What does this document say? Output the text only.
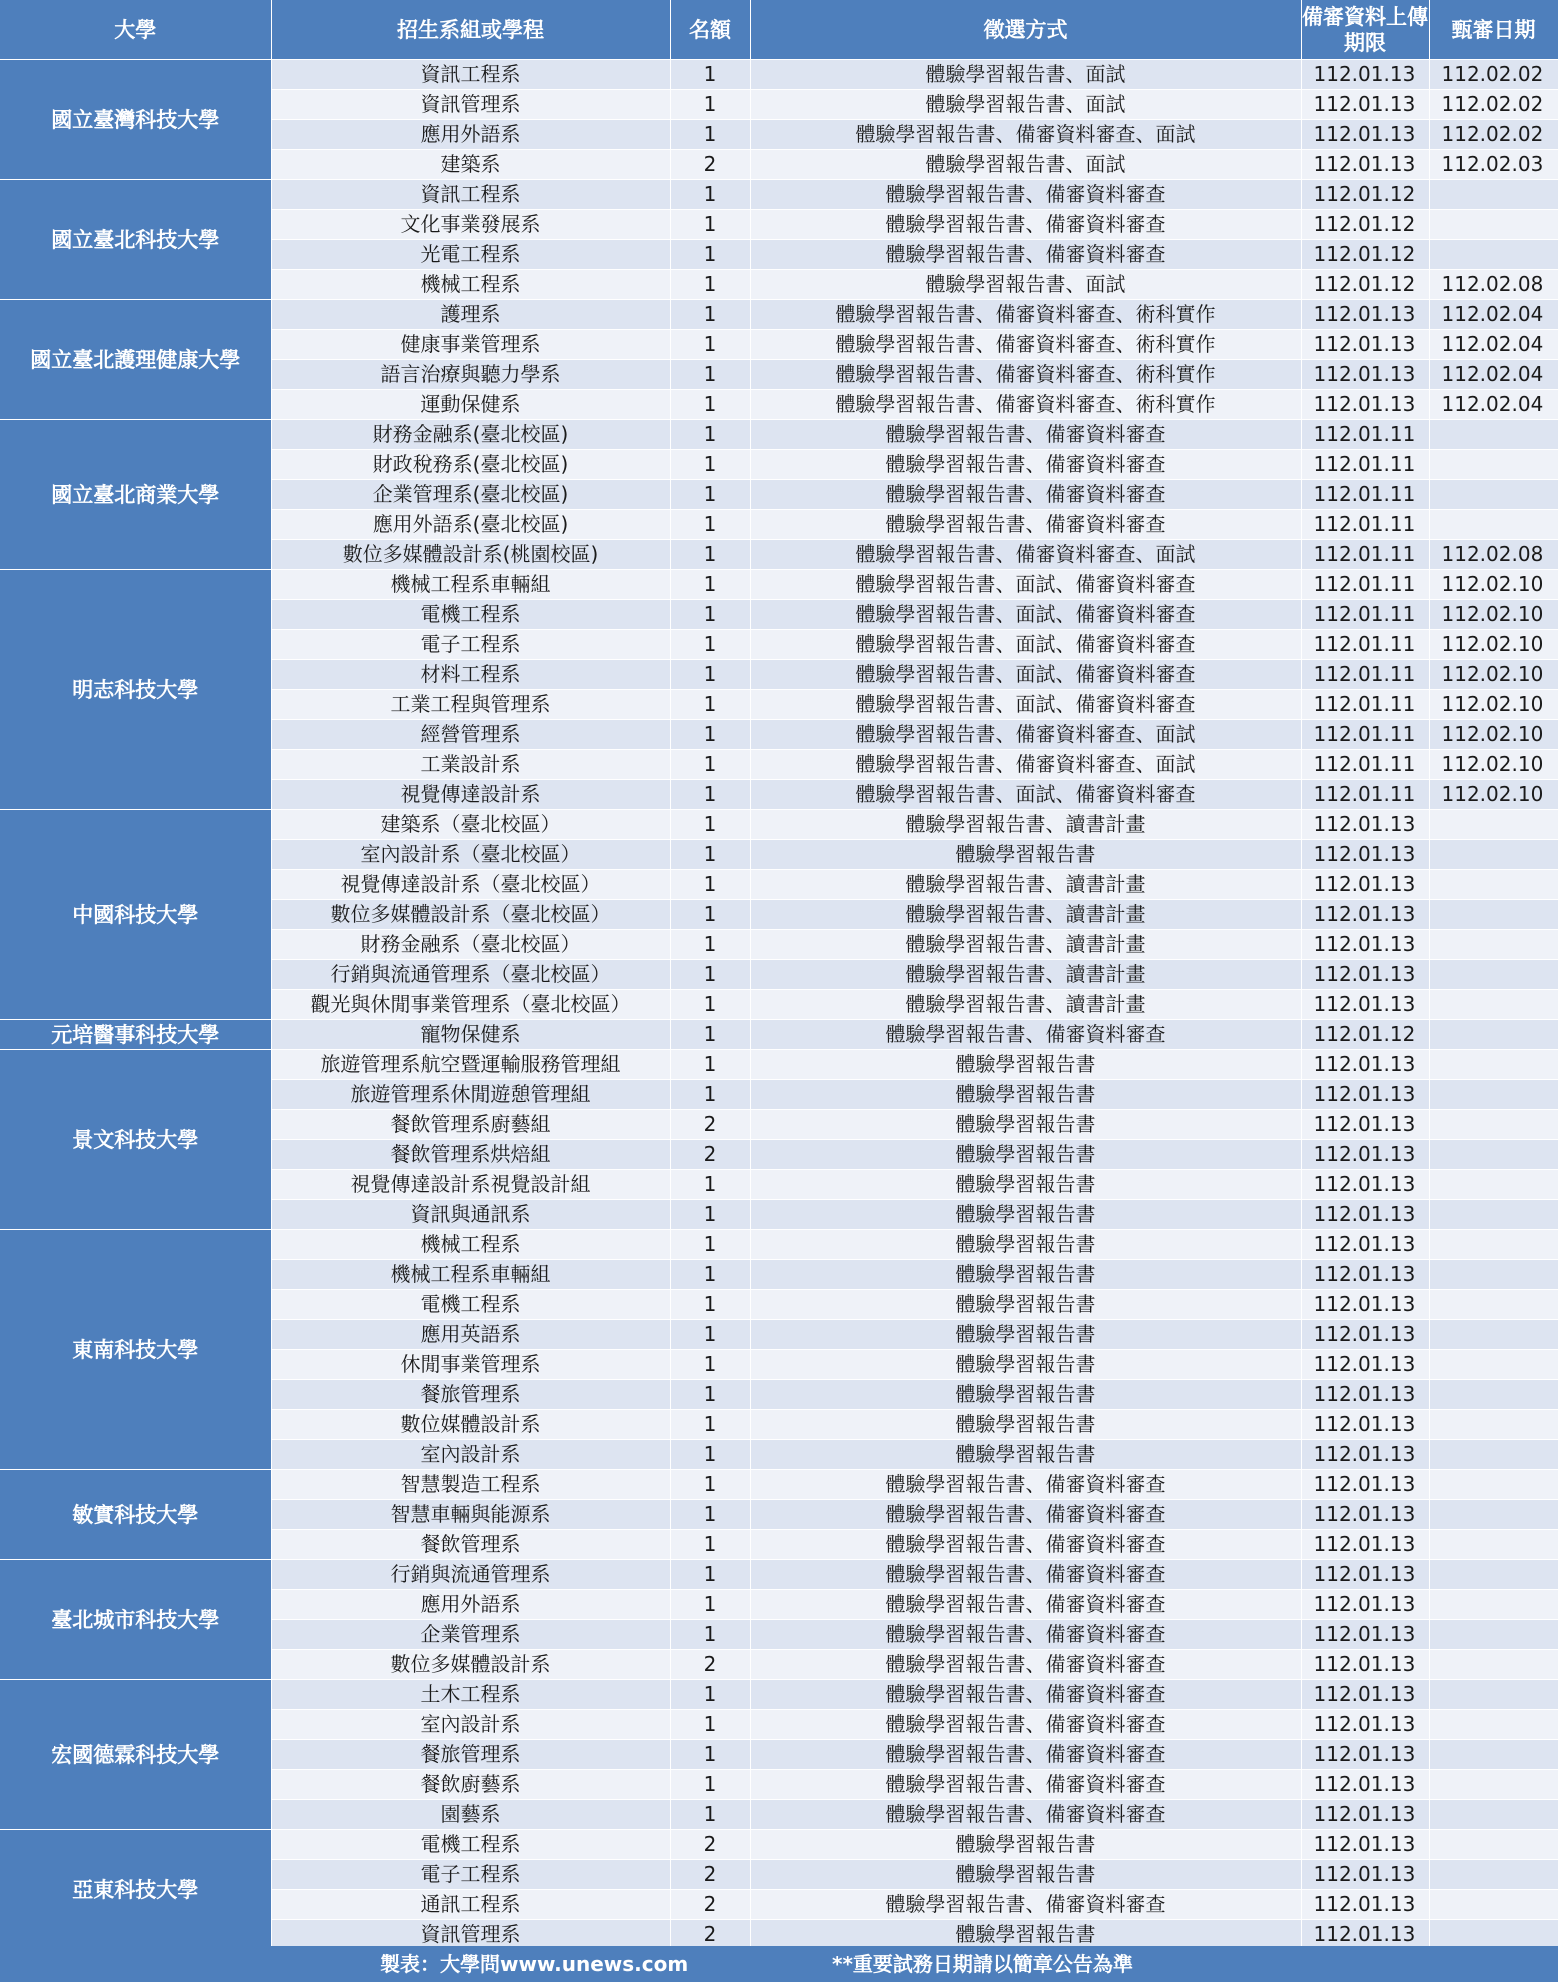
大學	招生系組或學程	名額	徵選方式	備審資料上傳期限	甄審日期
國立臺灣科技大學	資訊工程系	1	體驗學習報告書、面試	112.01.13	112.02.02
	資訊管理系	1	體驗學習報告書、面試	112.01.13	112.02.02
	應用外語系	1	體驗學習報告書、備審資料審查、面試	112.01.13	112.02.02
	建築系	2	體驗學習報告書、面試	112.01.13	112.02.03
國立臺北科技大學	資訊工程系	1	體驗學習報告書、備審資料審查	112.01.12	
	文化事業發展系	1	體驗學習報告書、備審資料審查	112.01.12	
	光電工程系	1	體驗學習報告書、備審資料審查	112.01.12	
	機械工程系	1	體驗學習報告書、面試	112.01.12	112.02.08
國立臺北護理健康大學	護理系	1	體驗學習報告書、備審資料審查、術科實作	112.01.13	112.02.04
	健康事業管理系	1	體驗學習報告書、備審資料審查、術科實作	112.01.13	112.02.04
	語言治療與聽力學系	1	體驗學習報告書、備審資料審查、術科實作	112.01.13	112.02.04
	運動保健系	1	體驗學習報告書、備審資料審查、術科實作	112.01.13	112.02.04
國立臺北商業大學	財務金融系(臺北校區)	1	體驗學習報告書、備審資料審查	112.01.11	
	財政稅務系(臺北校區)	1	體驗學習報告書、備審資料審查	112.01.11	
	企業管理系(臺北校區)	1	體驗學習報告書、備審資料審查	112.01.11	
	應用外語系(臺北校區)	1	體驗學習報告書、備審資料審查	112.01.11	
	數位多媒體設計系(桃園校區)	1	體驗學習報告書、備審資料審查、面試	112.01.11	112.02.08
明志科技大學	機械工程系車輛組	1	體驗學習報告書、面試、備審資料審查	112.01.11	112.02.10
	電機工程系	1	體驗學習報告書、面試、備審資料審查	112.01.11	112.02.10
	電子工程系	1	體驗學習報告書、面試、備審資料審查	112.01.11	112.02.10
	材料工程系	1	體驗學習報告書、面試、備審資料審查	112.01.11	112.02.10
	工業工程與管理系	1	體驗學習報告書、面試、備審資料審查	112.01.11	112.02.10
	經營管理系	1	體驗學習報告書、備審資料審查、面試	112.01.11	112.02.10
	工業設計系	1	體驗學習報告書、備審資料審查、面試	112.01.11	112.02.10
	視覺傳達設計系	1	體驗學習報告書、面試、備審資料審查	112.01.11	112.02.10
中國科技大學	建築系（臺北校區）	1	體驗學習報告書、讀書計畫	112.01.13	
	室內設計系（臺北校區）	1	體驗學習報告書	112.01.13	
	視覺傳達設計系（臺北校區）	1	體驗學習報告書、讀書計畫	112.01.13	
	數位多媒體設計系（臺北校區）	1	體驗學習報告書、讀書計畫	112.01.13	
	財務金融系（臺北校區）	1	體驗學習報告書、讀書計畫	112.01.13	
	行銷與流通管理系（臺北校區）	1	體驗學習報告書、讀書計畫	112.01.13	
	觀光與休閒事業管理系（臺北校區）	1	體驗學習報告書、讀書計畫	112.01.13	
元培醫事科技大學	寵物保健系	1	體驗學習報告書、備審資料審查	112.01.12	
景文科技大學	旅遊管理系航空暨運輸服務管理組	1	體驗學習報告書	112.01.13	
	旅遊管理系休閒遊憩管理組	1	體驗學習報告書	112.01.13	
	餐飲管理系廚藝組	2	體驗學習報告書	112.01.13	
	餐飲管理系烘焙組	2	體驗學習報告書	112.01.13	
	視覺傳達設計系視覺設計組	1	體驗學習報告書	112.01.13	
	資訊與通訊系	1	體驗學習報告書	112.01.13	
東南科技大學	機械工程系	1	體驗學習報告書	112.01.13	
	機械工程系車輛組	1	體驗學習報告書	112.01.13	
	電機工程系	1	體驗學習報告書	112.01.13	
	應用英語系	1	體驗學習報告書	112.01.13	
	休閒事業管理系	1	體驗學習報告書	112.01.13	
	餐旅管理系	1	體驗學習報告書	112.01.13	
	數位媒體設計系	1	體驗學習報告書	112.01.13	
	室內設計系	1	體驗學習報告書	112.01.13	
敏實科技大學	智慧製造工程系	1	體驗學習報告書、備審資料審查	112.01.13	
	智慧車輛與能源系	1	體驗學習報告書、備審資料審查	112.01.13	
	餐飲管理系	1	體驗學習報告書、備審資料審查	112.01.13	
臺北城市科技大學	行銷與流通管理系	1	體驗學習報告書、備審資料審查	112.01.13	
	應用外語系	1	體驗學習報告書、備審資料審查	112.01.13	
	企業管理系	1	體驗學習報告書、備審資料審查	112.01.13	
	數位多媒體設計系	2	體驗學習報告書、備審資料審查	112.01.13	
宏國德霖科技大學	土木工程系	1	體驗學習報告書、備審資料審查	112.01.13	
	室內設計系	1	體驗學習報告書、備審資料審查	112.01.13	
	餐旅管理系	1	體驗學習報告書、備審資料審查	112.01.13	
	餐飲廚藝系	1	體驗學習報告書、備審資料審查	112.01.13	
	園藝系	1	體驗學習報告書、備審資料審查	112.01.13	
亞東科技大學	電機工程系	2	體驗學習報告書	112.01.13	
	電子工程系	2	體驗學習報告書	112.01.13	
	通訊工程系	2	體驗學習報告書、備審資料審查	112.01.13	
	資訊管理系	2	體驗學習報告書	112.01.13	
製表：大學問www.unews.com	**重要試務日期請以簡章公告為準
